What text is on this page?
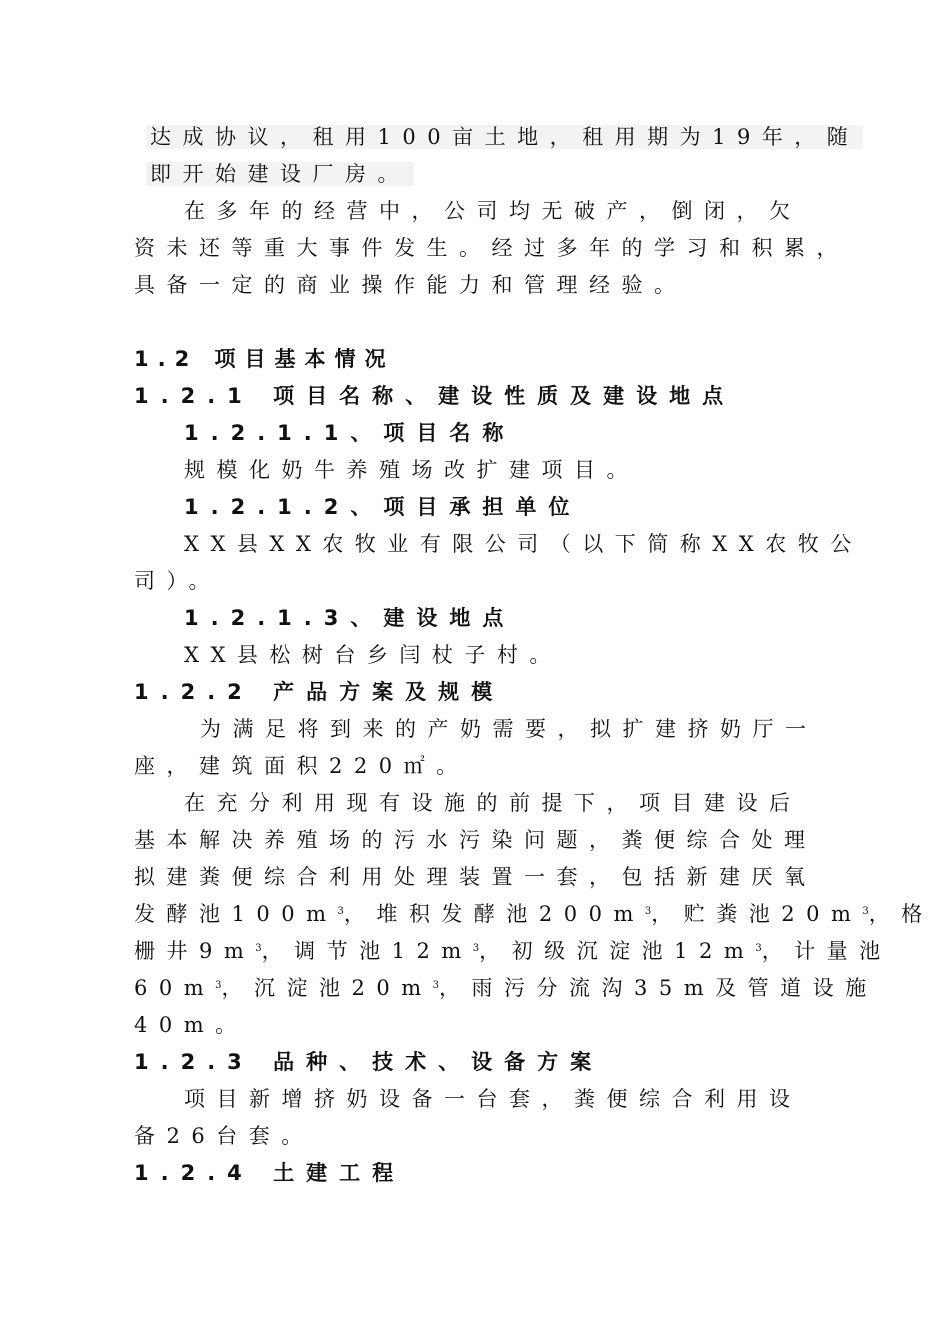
达成协议，租用100亩土地，租用期为19年，随
即开始建设厂房。
在多年的经营中，公司均无破产，倒闭，欠
资未还等重大事件发生。经过多年的学习和积累，
具备一定的商业操作能力和管理经验。
1.2 项目基本情况
1.2.1 项目名称、建设性质及建设地点
1.2.1.1、项目名称
规模化奶牛养殖场改扩建项目。
1.2.1.2、项目承担单位
XX县XX农牧业有限公司（以下简称XX农牧公
司）。
1.2.1.3、建设地点
XX县松树台乡闫杖子村。
1.2.2 产品方案及规模
为满足将到来的产奶需要，拟扩建挤奶厅一
座，建筑面积220㎡。
在充分利用现有设施的前提下，项目建设后
基本解决养殖场的污水污染问题，粪便综合处理
拟建粪便综合利用处理装置一套，包括新建厌氧
发酵池$100m^3$，堆积发酵池$200m^3$，贮粪池$20m^3$，格
栅井$9m^3$，调节池$12m^3$，初级沉淀池$12m^3$，计量池
$60m^3$，沉淀池$20m^3$，雨污分流沟35m及管道设施
40m。
1.2.3 品种、技术、设备方案
项目新增挤奶设备一台套，粪便综合利用设
备26台套。
1.2.4 土建工程
